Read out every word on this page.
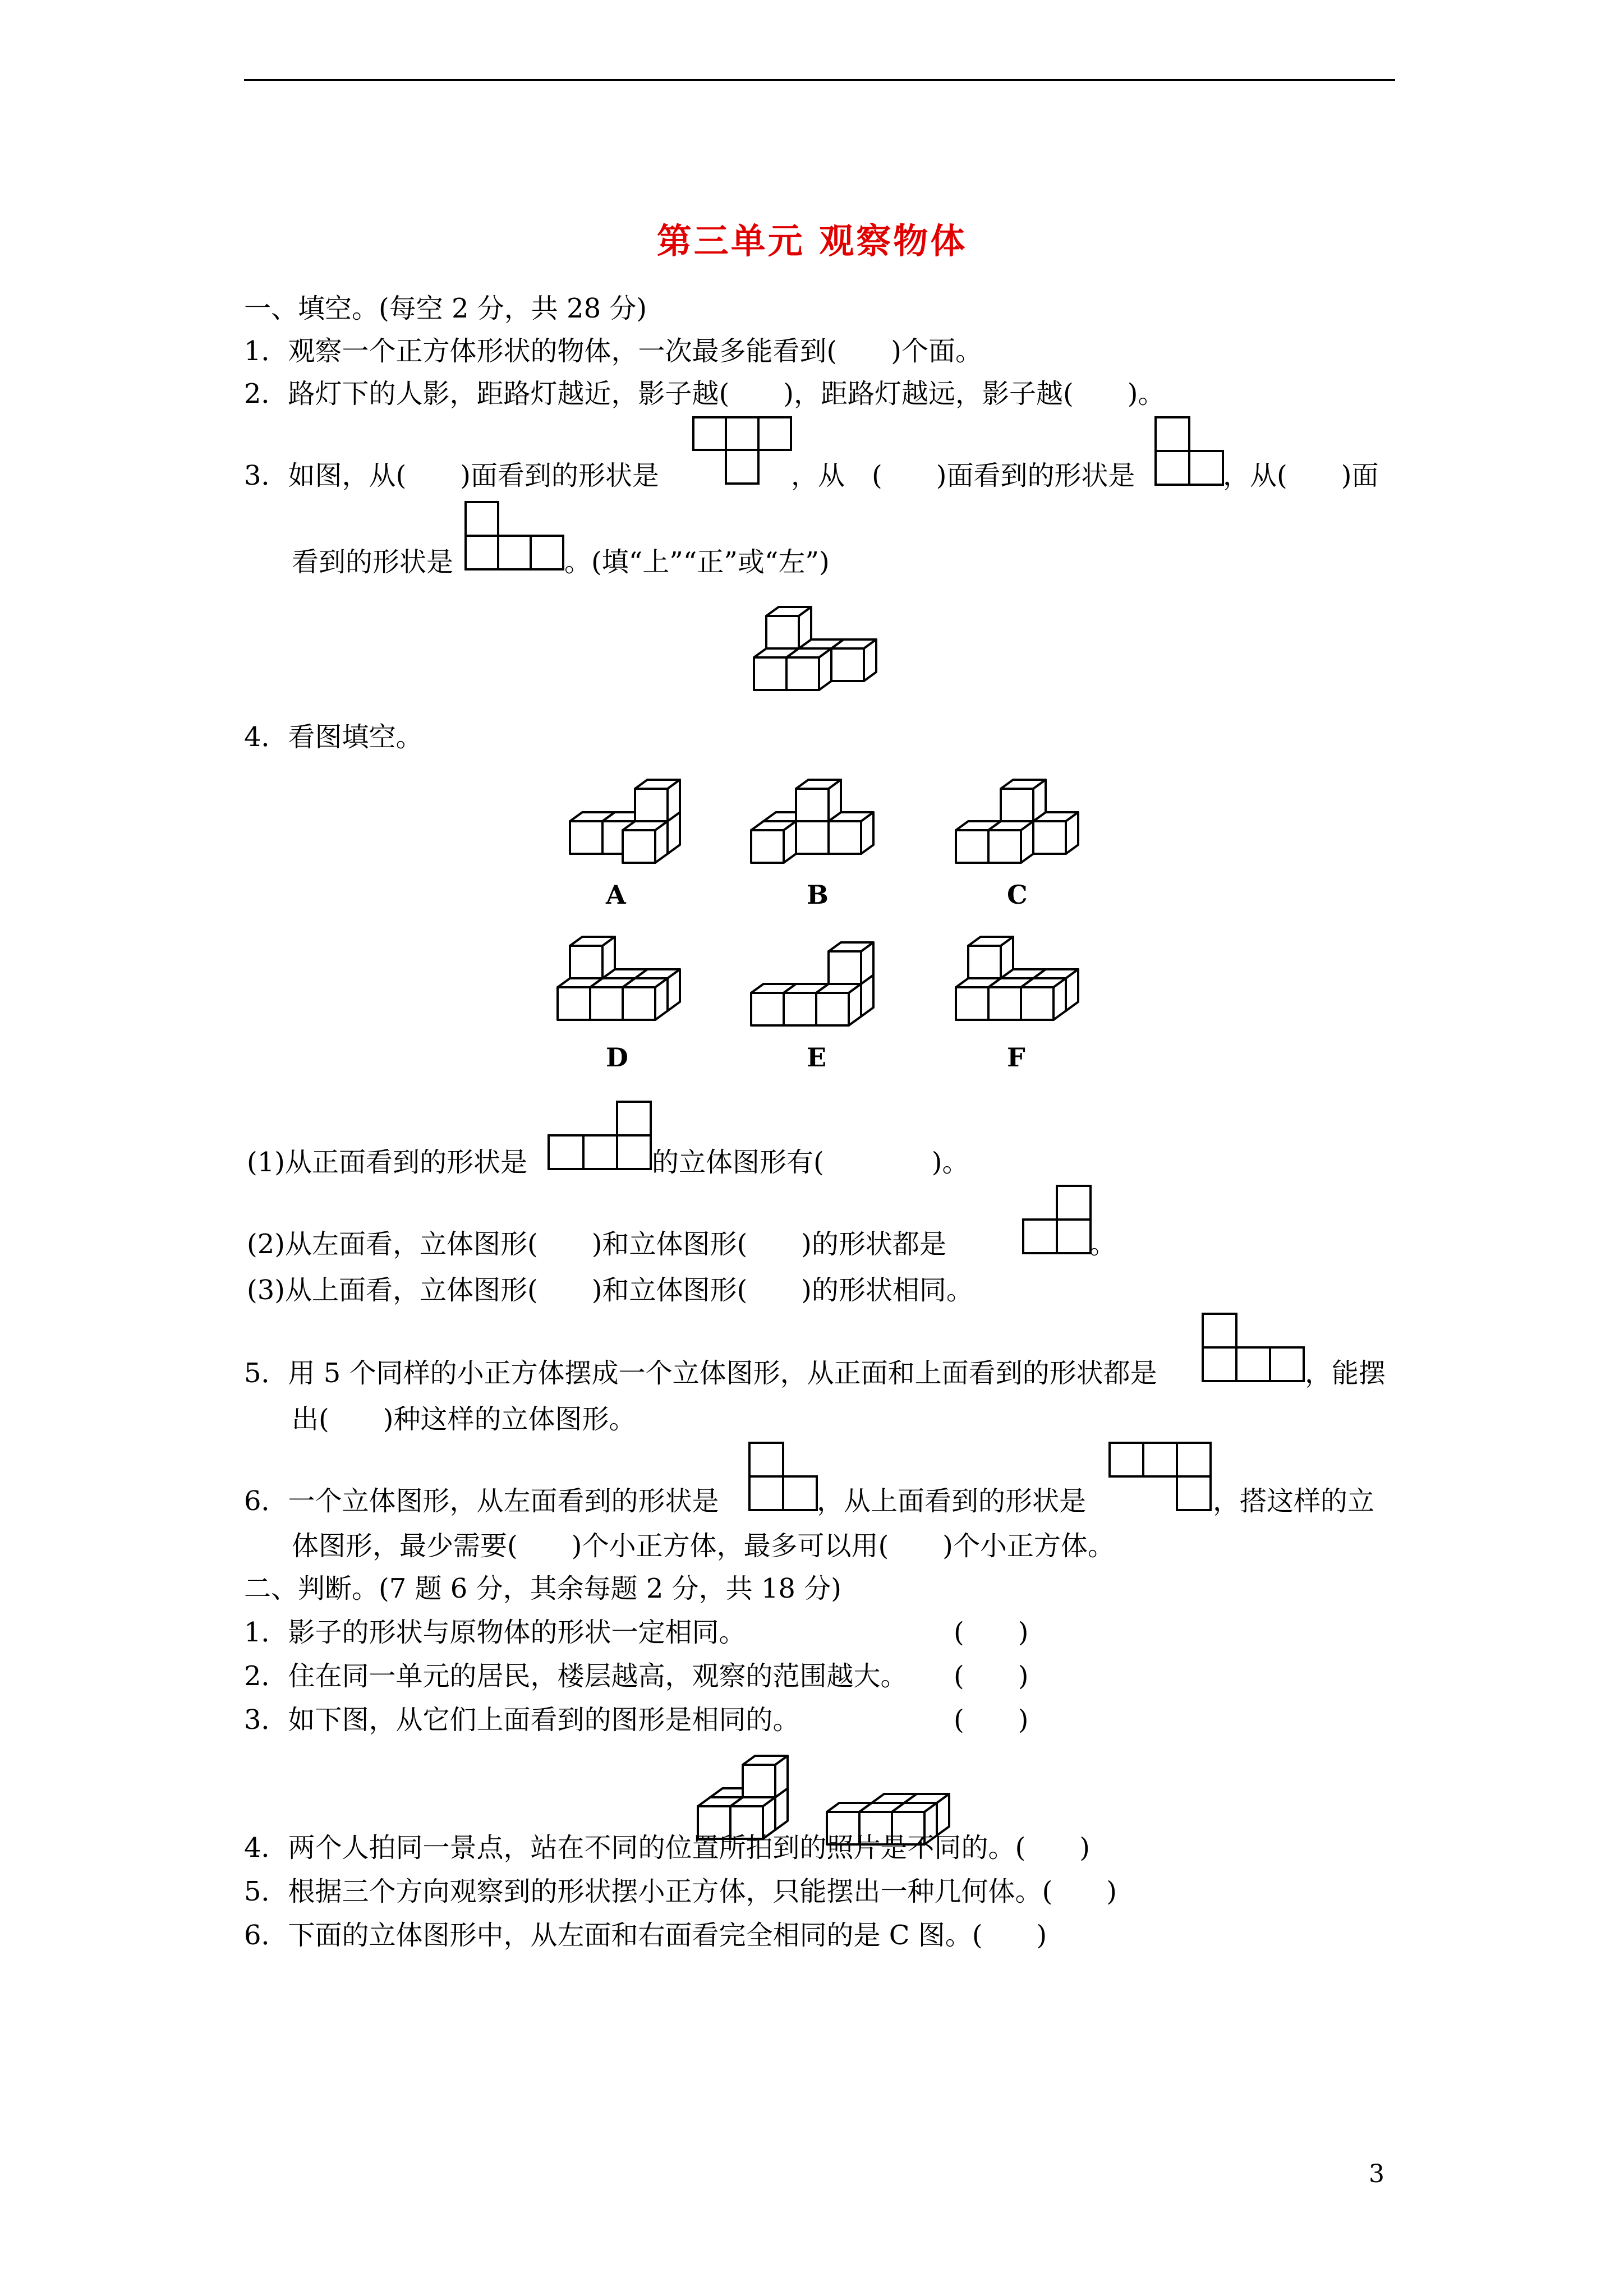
第三单元 观察物体
一、填空。(每空 2 分，共 28 分)
1．观察一个正方体形状的物体，一次最多能看到(　　)个面。
2．路灯下的人影，距路灯越近，影子越(　　)，距路灯越远，影子越(　　)。
3．如图，从(　　)面看到的形状是	，从　(　　)面看到的形状是	，从(　　)面
看到的形状是	。(填“上”“正”或“左”)
4．看图填空。
A	B	C
D	E	F
(1)从正面看到的形状是	的立体图形有(　　　　)。
(2)从左面看，立体图形(　　)和立体图形(　　)的形状都是	。
(3)从上面看，立体图形(　　)和立体图形(　　)的形状相同。
5．用 5 个同样的小正方体摆成一个立体图形，从正面和上面看到的形状都是	，能摆
出(　　)种这样的立体图形。
6．一个立体图形，从左面看到的形状是	，从上面看到的形状是	，搭这样的立
体图形，最少需要(　　)个小正方体，最多可以用(　　)个小正方体。
二、判断。(7 题 6 分，其余每题 2 分，共 18 分)
1．影子的形状与原物体的形状一定相同。	(　　)
2．住在同一单元的居民，楼层越高，观察的范围越大。 (　　)
3．如下图，从它们上面看到的图形是相同的。	(　　)
4．两个人拍同一景点，站在不同的位置所拍到的照片是不同的。(　　)
5．根据三个方向观察到的形状摆小正方体，只能摆出一种几何体。(　　)
6．下面的立体图形中，从左面和右面看完全相同的是 C 图。(　　)
3
